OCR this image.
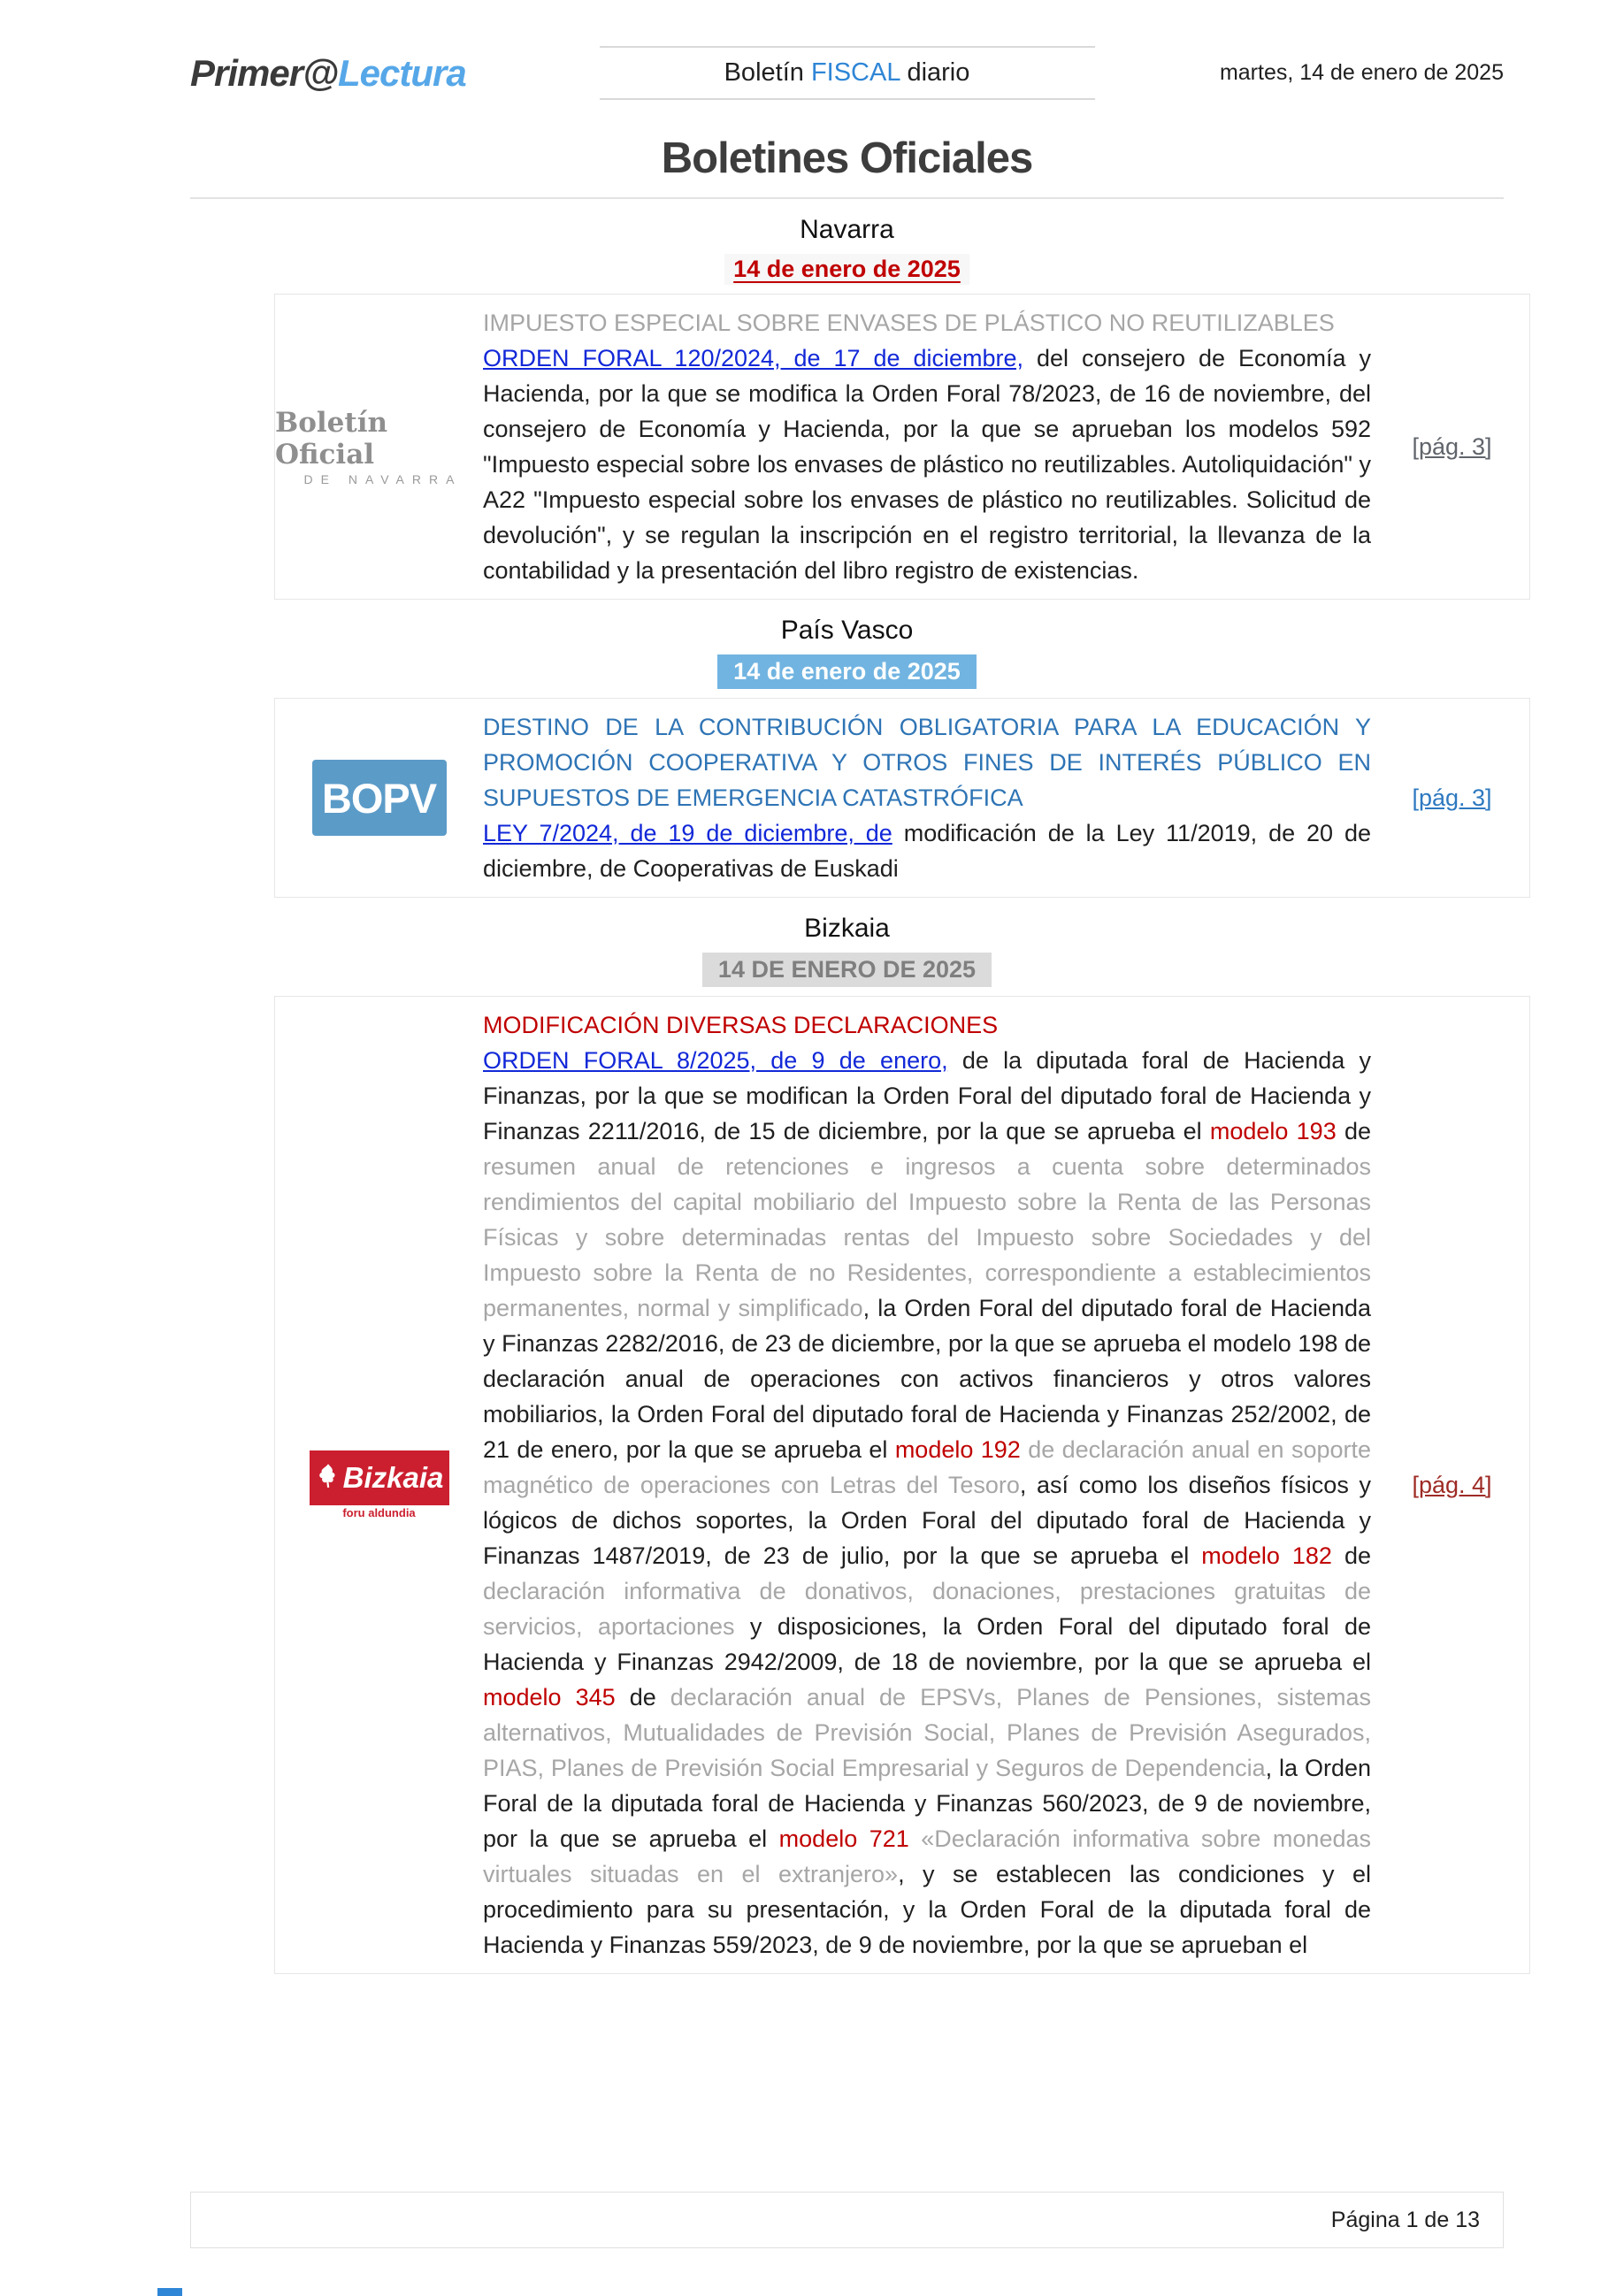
Primer@Lectura	Boletín FISCAL diario	martes, 14 de enero de 2025
Boletines Oficiales
Navarra
14 de enero de 2025
Boletín Oficial
DE NAVARRA
IMPUESTO ESPECIAL SOBRE ENVASES DE PLÁSTICO NO REUTILIZABLES

ORDEN FORAL 120/2024, de 17 de diciembre, del consejero de Economía y Hacienda, por la que se modifica la Orden Foral 78/2023, de 16 de noviembre, del consejero de Economía y Hacienda, por la que se aprueban los modelos 592 "Impuesto especial sobre los envases de plástico no reutilizables. Autoliquidación" y A22 "Impuesto especial sobre los envases de plástico no reutilizables. Solicitud de devolución", y se regulan la inscripción en el registro territorial, la llevanza de la contabilidad y la presentación del libro registro de existencias.

[pág. 3]
País Vasco
14 de enero de 2025
BOPV
DESTINO DE LA CONTRIBUCIÓN OBLIGATORIA PARA LA EDUCACIÓN Y PROMOCIÓN COOPERATIVA Y OTROS FINES DE INTERÉS PÚBLICO EN SUPUESTOS DE EMERGENCIA CATASTRÓFICA

LEY 7/2024, de 19 de diciembre, de modificación de la Ley 11/2019, de 20 de diciembre, de Cooperativas de Euskadi

[pág. 3]
Bizkaia
14 DE ENERO DE 2025
Bizkaia
foru aldundia
MODIFICACIÓN DIVERSAS DECLARACIONES

ORDEN FORAL 8/2025, de 9 de enero, de la diputada foral de Hacienda y Finanzas, por la que se modifican la Orden Foral del diputado foral de Hacienda y Finanzas 2211/2016, de 15 de diciembre, por la que se aprueba el modelo 193 de resumen anual de retenciones e ingresos a cuenta sobre determinados rendimientos del capital mobiliario del Impuesto sobre la Renta de las Personas Físicas y sobre determinadas rentas del Impuesto sobre Sociedades y del Impuesto sobre la Renta de no Residentes, correspondiente a establecimientos permanentes, normal y simplificado, la Orden Foral del diputado foral de Hacienda y Finanzas 2282/2016, de 23 de diciembre, por la que se aprueba el modelo 198 de declaración anual de operaciones con activos financieros y otros valores mobiliarios, la Orden Foral del diputado foral de Hacienda y Finanzas 252/2002, de 21 de enero, por la que se aprueba el modelo 192 de declaración anual en soporte magnético de operaciones con Letras del Tesoro, así como los diseños físicos y lógicos de dichos soportes, la Orden Foral del diputado foral de Hacienda y Finanzas 1487/2019, de 23 de julio, por la que se aprueba el modelo 182 de declaración informativa de donativos, donaciones, prestaciones gratuitas de servicios, aportaciones y disposiciones, la Orden Foral del diputado foral de Hacienda y Finanzas 2942/2009, de 18 de noviembre, por la que se aprueba el modelo 345 de declaración anual de EPSVs, Planes de Pensiones, sistemas alternativos, Mutualidades de Previsión Social, Planes de Previsión Asegurados, PIAS, Planes de Previsión Social Empresarial y Seguros de Dependencia, la Orden Foral de la diputada foral de Hacienda y Finanzas 560/2023, de 9 de noviembre, por la que se aprueba el modelo 721 «Declaración informativa sobre monedas virtuales situadas en el extranjero», y se establecen las condiciones y el procedimiento para su presentación, y la Orden Foral de la diputada foral de Hacienda y Finanzas 559/2023, de 9 de noviembre, por la que se aprueban el

[pág. 4]
Página 1 de 13
